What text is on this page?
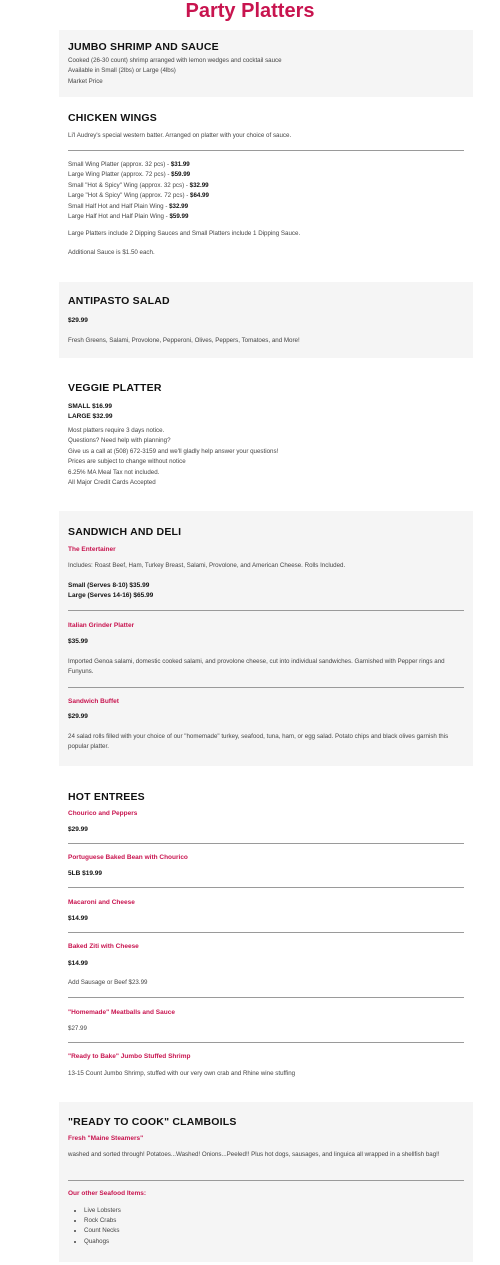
Party Platters
JUMBO SHRIMP AND SAUCE

Cooked (26-30 count) shrimp arranged with lemon wedges and cocktail sauce

Available in Small (2lbs) or Large (4lbs)

Market Price

CHICKEN WINGS

Li'l Audrey's special western batter. Arranged on platter with your choice of sauce.

Small Wing Platter (approx. 32 pcs) - $31.99

Large Wing Platter (approx. 72 pcs) - $59.99

Small "Hot & Spicy" Wing (approx. 32 pcs) - $32.99

Large "Hot & Spicy" Wing (approx. 72 pcs) - $64.99

Small Half Hot and Half Plain Wing - $32.99

Large Half Hot and Half Plain Wing - $59.99

Large Platters include 2 Dipping Sauces and Small Platters include 1 Dipping Sauce.

Additional Sauce is $1.50 each.

ANTIPASTO SALAD

$29.99

Fresh Greens, Salami, Provolone, Pepperoni, Olives, Peppers, Tomatoes, and More!

VEGGIE PLATTER

SMALL $16.99

LARGE $32.99

Most platters require 3 days notice.

Questions? Need help with planning?

Give us a call at (508) 672-3159 and we'll gladly help answer your questions!

Prices are subject to change without notice

6.25% MA Meal Tax not included.

All Major Credit Cards Accepted

SANDWICH AND DELI

The Entertainer

Includes: Roast Beef, Ham, Turkey Breast, Salami, Provolone, and American Cheese. Rolls Included.

Small (Serves 8-10) $35.99

Large (Serves 14-16) $65.99

Italian Grinder Platter

$35.99

Imported Genoa salami, domestic cooked salami, and provolone cheese, cut into individual sandwiches. Garnished with Pepper rings and Funyuns.

Sandwich Buffet

$29.99

24 salad rolls filled with your choice of our "homemade" turkey, seafood, tuna, ham, or egg salad. Potato chips and black olives garnish this popular platter.

HOT ENTREES

Chourico and Peppers

$29.99

Portuguese Baked Bean with Chourico

5LB $19.99

Macaroni and Cheese

$14.99

Baked Ziti with Cheese

$14.99

Add Sausage or Beef $23.99

"Homemade" Meatballs and Sauce

$27.99

"Ready to Bake" Jumbo Stuffed Shrimp

13-15 Count Jumbo Shrimp, stuffed with our very own crab and Rhine wine stuffing

"READY TO COOK" CLAMBOILS

Fresh "Maine Steamers"

washed and sorted through! Potatoes...Washed! Onions...Peeled!! Plus hot dogs, sausages, and linguica all wrapped in a shellfish bag!!

Our other Seafood Items:

• Live Lobsters
• Rock Crabs
• Count Necks
• Quahogs
